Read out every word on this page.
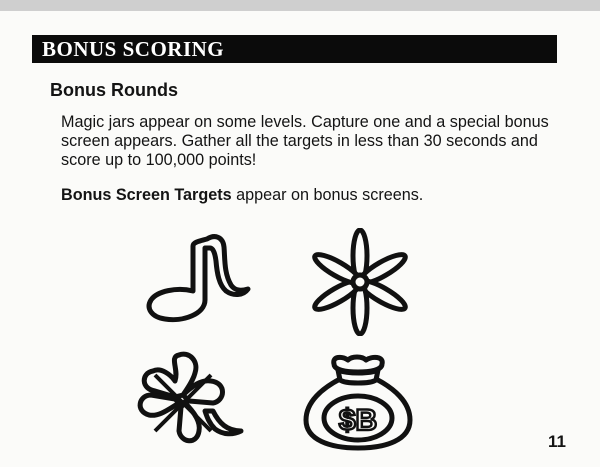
BONUS SCORING
Bonus Rounds
Magic jars appear on some levels. Capture one and a special bonus screen appears. Gather all the targets in less than 30 seconds and score up to 100,000 points!
Bonus Screen Targets appear on bonus screens.
$B
11
